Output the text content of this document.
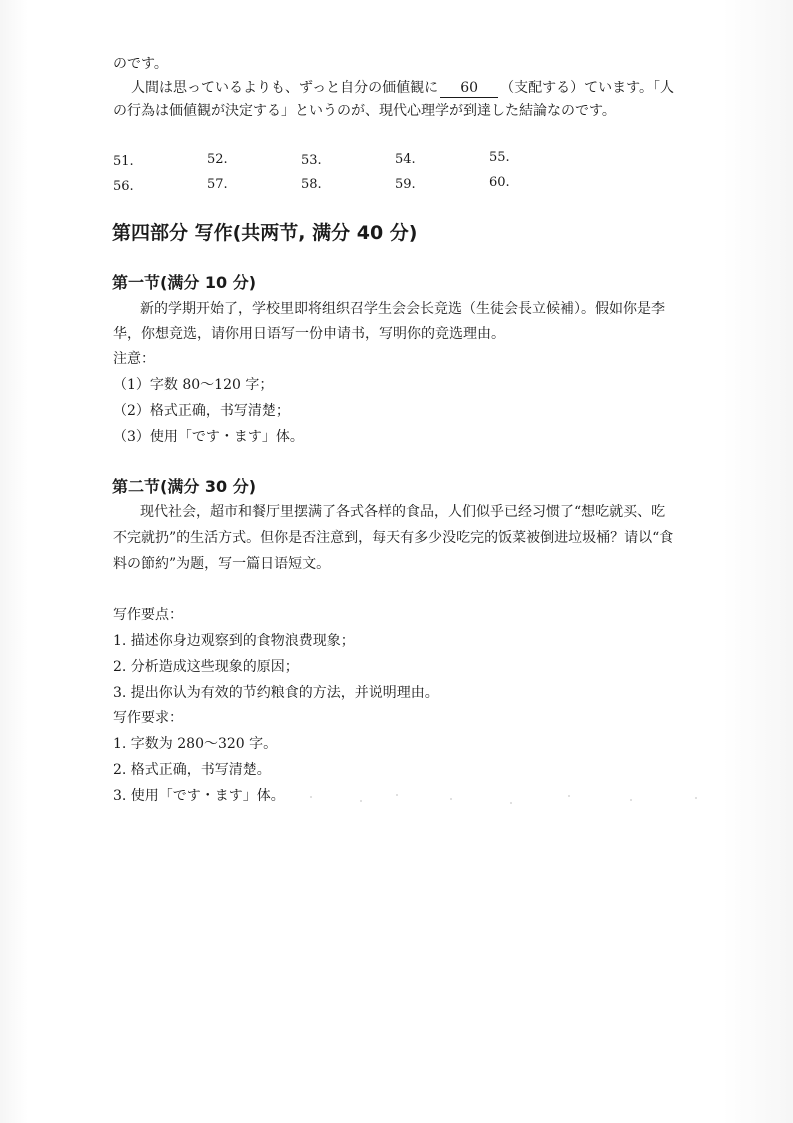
のです。
人間は思っているよりも、ずっと自分の価値観に 60 （支配する）ています。「人
の行為は価値観が決定する」というのが、現代心理学が到達した結論なのです。
51.	52.	53.	54.	55.
56.	57.	58.	59.	60.
第四部分 写作(共两节, 满分 40 分)
第一节(满分 10 分)
新的学期开始了，学校里即将组织召学生会会长竞选（生徒会長立候補）。假如你是李
华，你想竞选，请你用日语写一份申请书，写明你的竞选理由。
注意：
（1）字数 80～120 字；
（2）格式正确，书写清楚；
（3）使用「です・ます」体。
第二节(满分 30 分)
现代社会，超市和餐厅里摆满了各式各样的食品，人们似乎已经习惯了“想吃就买、吃
不完就扔”的生活方式。但你是否注意到，每天有多少没吃完的饭菜被倒进垃圾桶？请以“食
料の節約”为题，写一篇日语短文。
写作要点：
1. 描述你身边观察到的食物浪费现象；
2. 分析造成这些现象的原因；
3. 提出你认为有效的节约粮食的方法，并说明理由。
写作要求：
1. 字数为 280～320 字。
2. 格式正确，书写清楚。
3. 使用「です・ます」体。
